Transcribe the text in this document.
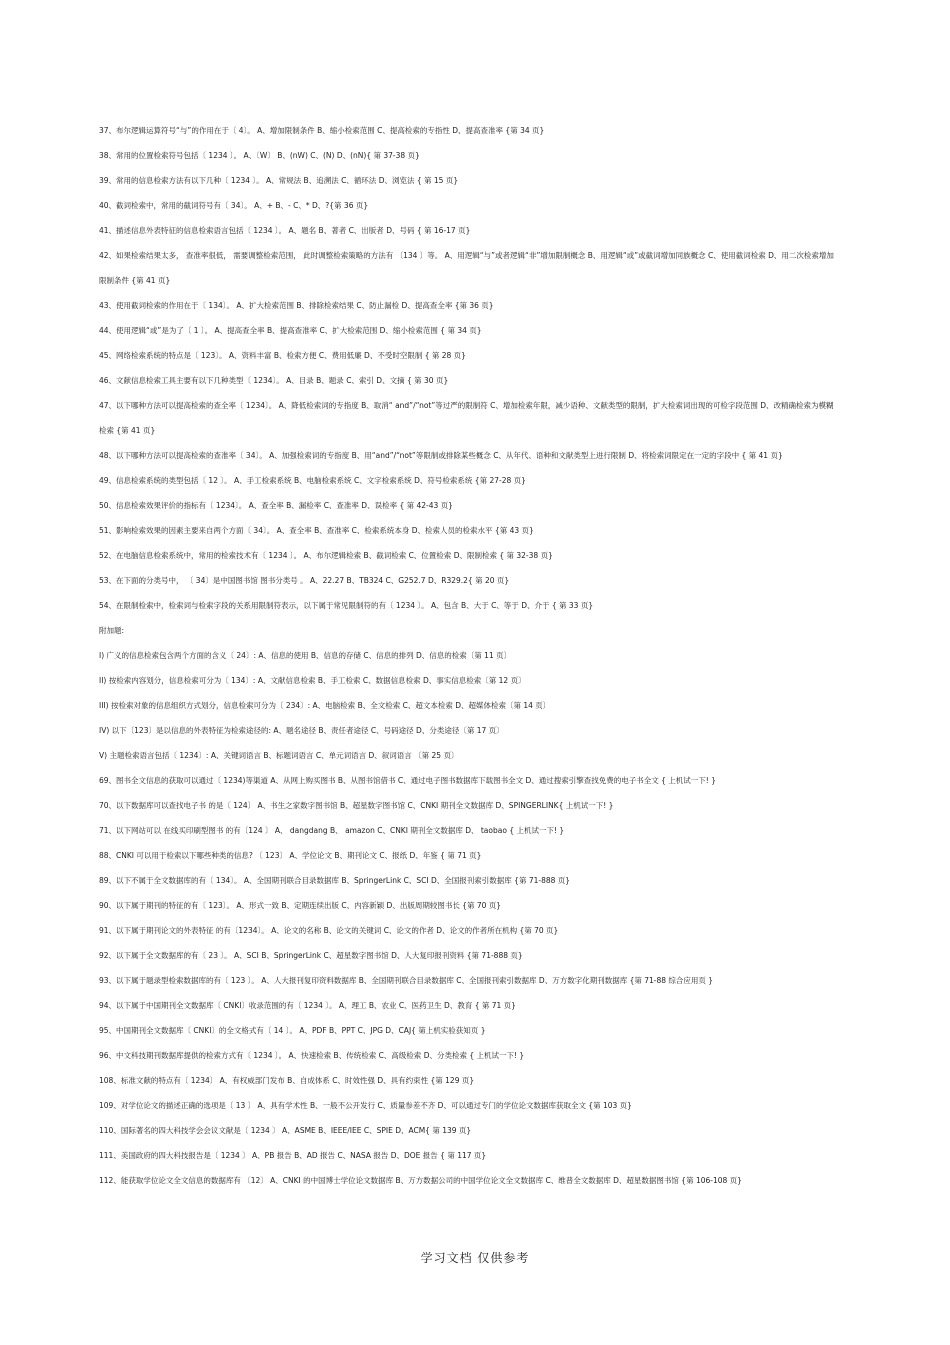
37、布尔逻辑运算符号“与”的作用在于〔 4〕。 A、增加限制条件 B、缩小检索范围 C、提高检索的专指性 D、提高查准率 {第 34 页}
38、常用的位置检索符号包括〔 1234 〕。 A、〔W〕 B、(nW) C、(N) D、(nN){ 第 37-38 页}
39、常用的信息检索方法有以下几种〔 1234 〕。 A、常规法 B、追溯法 C、循环法 D、浏览法 { 第 15 页}
40、截词检索中，常用的截词符号有〔 34〕。 A、+ B、- C、* D、?{第 36 页}
41、描述信息外表特征的信息检索语言包括〔 1234 〕。 A、题名 B、著者 C、出版者 D、号码 { 第 16-17 页}
42、如果检索结果太多， 查准率很低， 需要调整检索范围， 此时调整检索策略的方法有 〔134 〕等。 A、用逻辑“与”或者逻辑“非”增加限制概念 B、用逻辑“或”或截词增加同族概念 C、使用截词检索 D、用二次检索增加限制条件 {第 41 页}
43、使用截词检索的作用在于〔 134〕。 A、扩大检索范围 B、排除检索结果 C、防止漏检 D、提高查全率 {第 36 页}
44、使用逻辑“或”是为了〔 1 〕。 A、提高查全率 B、提高查准率 C、扩大检索范围 D、缩小检索范围 { 第 34 页}
45、网络检索系统的特点是〔 123〕。 A、资料丰富 B、检索方便 C、费用低廉 D、不受时空限制 { 第 28 页}
46、文献信息检索工具主要有以下几种类型〔 1234〕。 A、目录 B、题录 C、索引 D、文摘 { 第 30 页}
47、以下哪种方法可以提高检索的查全率〔 1234〕。 A、降低检索词的专指度 B、取消“ and”/“not”等过严的限制符 C、增加检索年限，减少语种、文献类型的限制，扩大检索词出现的可检字段范围 D、改精确检索为模糊检索 {第 41 页}
48、以下哪种方法可以提高检索的查准率〔 34〕。 A、加强检索词的专指度 B、用“and”/“not”等限制或排除某些概念 C、从年代、语种和文献类型上进行限制 D、将检索词限定在一定的字段中 { 第 41 页}
49、信息检索系统的类型包括〔 12 〕。 A、手工检索系统 B、电脑检索系统 C、文字检索系统 D、符号检索系统 {第 27-28 页}
50、信息检索效果评价的指标有〔 1234〕。 A、查全率 B、漏检率 C、查准率 D、误检率 { 第 42-43 页}
51、影响检索效果的因素主要来自两个方面〔 34〕。 A、查全率 B、查准率 C、检索系统本身 D、检索人员的检索水平 {第 43 页}
52、在电脑信息检索系统中，常用的检索技术有〔 1234 〕。 A、布尔逻辑检索 B、截词检索 C、位置检索 D、限制检索 { 第 32-38 页}
53、在下面的分类号中， 〔 34〕是中国图书馆 图书分类号 。 A、22.27 B、TB324 C、G252.7 D、R329.2{ 第 20 页}
54、在限制检索中，检索词与检索字段的关系用限制符表示，以下属于常见限制符的有〔 1234 〕。 A、包含 B、大于 C、等于 D、介于 { 第 33 页}
附加题:
I) 广义的信息检索包含两个方面的含义〔 24〕: A、信息的使用 B、信息的存储 C、信息的排列 D、信息的检索〔第 11 页〕
II) 按检索内容划分，信息检索可分为〔 134〕: A、文献信息检索 B、手工检索 C、数据信息检索 D、事实信息检索〔第 12 页〕
III) 按检索对象的信息组织方式划分，信息检索可分为〔 234〕: A、电脑检索 B、全文检索 C、超文本检索 D、超媒体检索〔第 14 页〕
IV) 以下〔123〕是以信息的外表特征为检索途径的: A、题名途径 B、责任者途径 C、号码途径 D、分类途径〔第 17 页〕
V) 主题检索语言包括〔 1234〕: A、关键词语言 B、标题词语言 C、单元词语言 D、叙词语言 〔第 25 页〕
69、图书全文信息的获取可以通过〔 1234)等渠道 A、从网上购买图书 B、从图书馆借书 C、通过电子图书数据库下载图书全文 D、通过搜索引擎查找免费的电子书全文 { 上机试一下! }
70、以下数据库可以查找电子书 的是〔 124〕 A、书生之家数字图书馆 B、超星数字图书馆 C、CNKI 期刊全文数据库 D、SPINGERLINK{ 上机试一下! }
71、以下网站可以 在线买印刷型图书 的有〔124 〕 A、 dangdang B、 amazon C、CNKI 期刊全文数据库 D、 taobao { 上机试一下! }
88、CNKI 可以用于检索以下哪些种类的信息? 〔 123〕 A、学位论文 B、期刊论文 C、报纸 D、年鉴 { 第 71 页}
89、以下不属于全文数据库的有〔 134〕。 A、全国期刊联合目录数据库 B、SpringerLink C、SCI D、全国报刊索引数据库 {第 71-888 页}
90、以下属于期刊的特征的有〔 123〕。 A、形式一致 B、定期连续出版 C、内容新颖 D、出版周期较图书长 {第 70 页}
91、以下属于期刊论文的外表特征 的有〔1234〕。 A、论文的名称 B、论文的关键词 C、论文的作者 D、论文的作者所在机构 {第 70 页}
92、以下属于全文数据库的有〔 23 〕。 A、SCI B、SpringerLink C、超星数字图书馆 D、人大复印报刊资料 {第 71-888 页}
93、以下属于题录型检索数据库的有〔 123 〕。 A、人大报刊复印资料数据库 B、全国期刊联合目录数据库 C、全国报刊索引数据库 D、万方数字化期刊数据库 {第 71-88 综合应用页 }
94、以下属于中国期刊全文数据库〔 CNKI〕收录范围的有〔 1234 〕。 A、理工 B、农业 C、医药卫生 D、教育 { 第 71 页}
95、中国期刊全文数据库〔 CNKI〕的全文格式有〔 14 〕。 A、PDF B、PPT C、JPG D、CAJ{ 第上机实验获知页 }
96、中文科技期刊数据库提供的检索方式有〔 1234 〕。 A、快速检索 B、传统检索 C、高级检索 D、分类检索 { 上机试一下! }
108、标准文献的特点有〔 1234〕 A、有权威部门发布 B、自成体系 C、时效性强 D、具有约束性 {第 129 页}
109、对学位论文的描述正确的选项是〔 13 〕 A、具有学术性 B、一般不公开发行 C、质量参差不齐 D、可以通过专门的学位论文数据库获取全文 {第 103 页}
110、国际著名的四大科技学会会议文献是〔 1234 〕 A、ASME B、IEEE/IEE C、SPIE D、ACM{ 第 139 页}
111、美国政府的四大科技报告是〔 1234 〕 A、PB 报告 B、AD 报告 C、NASA 报告 D、DOE 报告 { 第 117 页}
112、能获取学位论文全文信息的数据库有 〔12〕 A、CNKI 的中国博士学位论文数据库 B、万方数据公司的中国学位论文全文数据库 C、维普全文数据库 D、超星数据图书馆 {第 106-108 页}
学习文档 仅供参考
